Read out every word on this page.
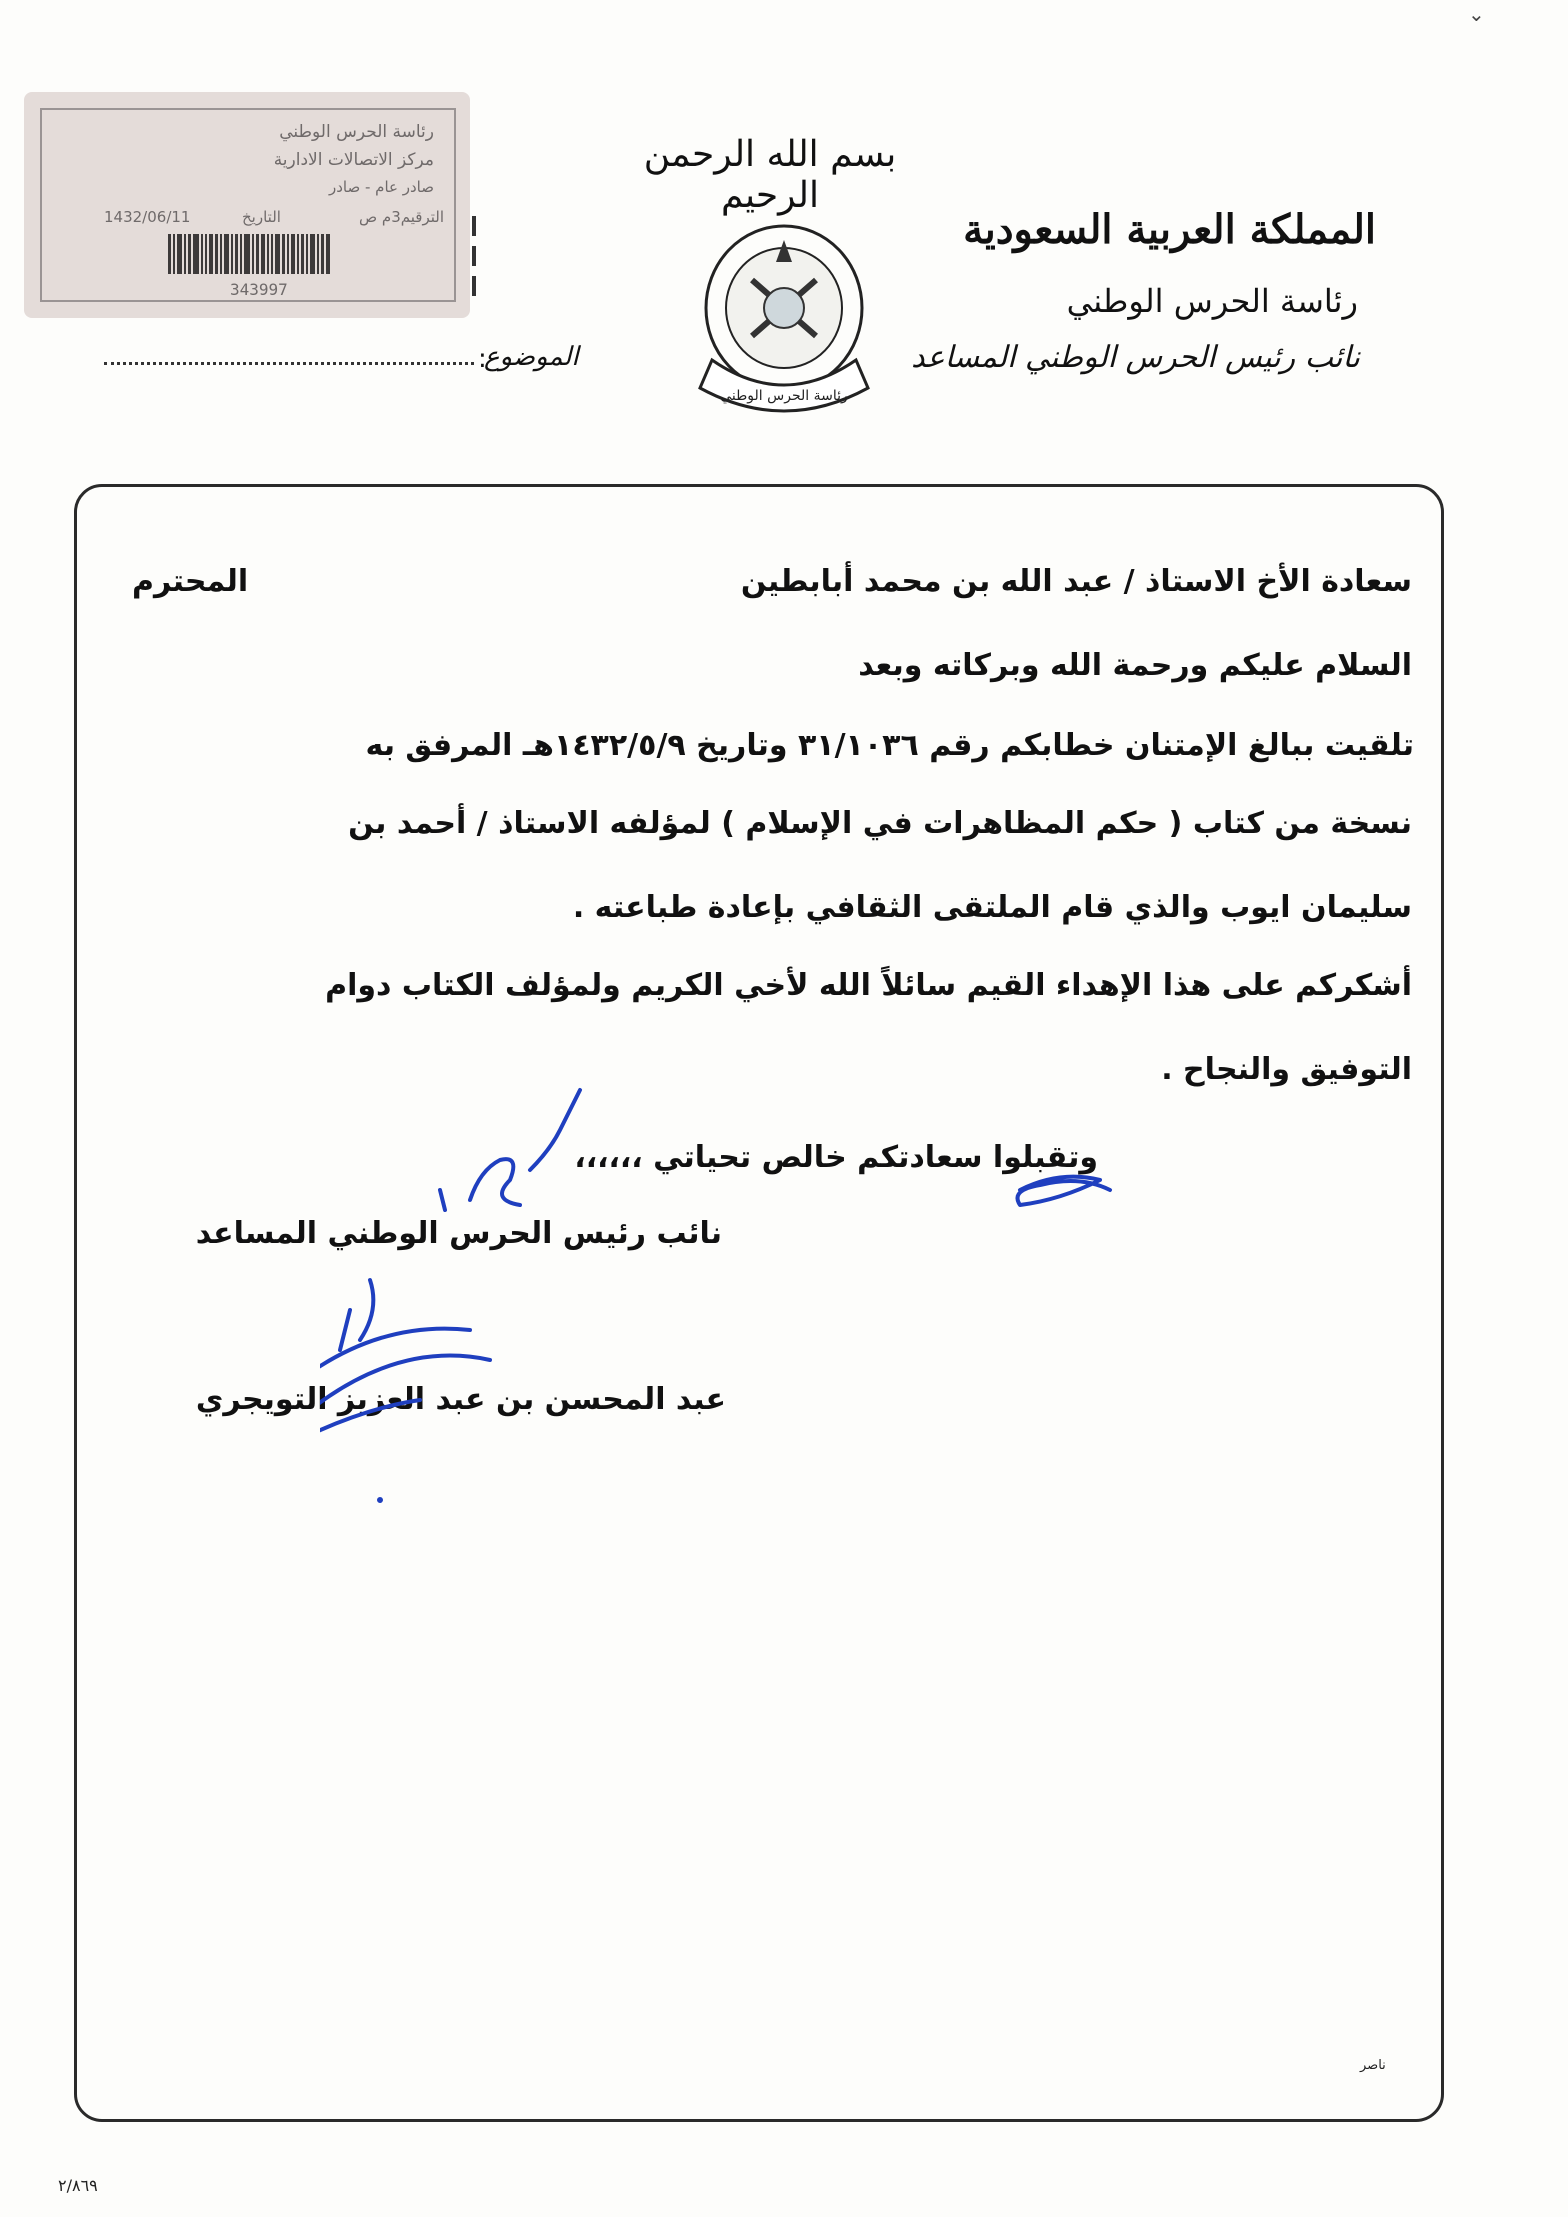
⌄
رئاسة الحرس الوطني
مركز الاتصالات الادارية
صادر عام - صادر
1432/06/11	التاريخ	الترقيم3م ص
343997
بسم الله الرحمن الرحيم
المملكة العربية السعودية
رئاسة الحرس الوطني
نائب رئيس الحرس الوطني المساعد
الموضوع
:
رئاسة الحرس الوطني
سعادة الأخ الاستاذ / عبد الله بن محمد أبابطين
المحترم
السلام عليكم ورحمة الله وبركاته وبعد
تلقيت ببالغ الإمتنان خطابكم رقم ٣١/١٠٣٦ وتاريخ ١٤٣٢/٥/٩هـ المرفق به
نسخة من كتاب ( حكم المظاهرات في الإسلام ) لمؤلفه الاستاذ / أحمد بن
سليمان ايوب والذي قام الملتقى الثقافي بإعادة طباعته .
أشكركم على هذا الإهداء القيم سائلاً الله لأخي الكريم ولمؤلف الكتاب دوام
التوفيق والنجاح .
وتقبلوا سعادتكم خالص تحياتي ،،،،،،
نائب رئيس الحرس الوطني المساعد
عبد المحسن بن عبد العزيز التويجري
ناصر
٢/٨٦٩
